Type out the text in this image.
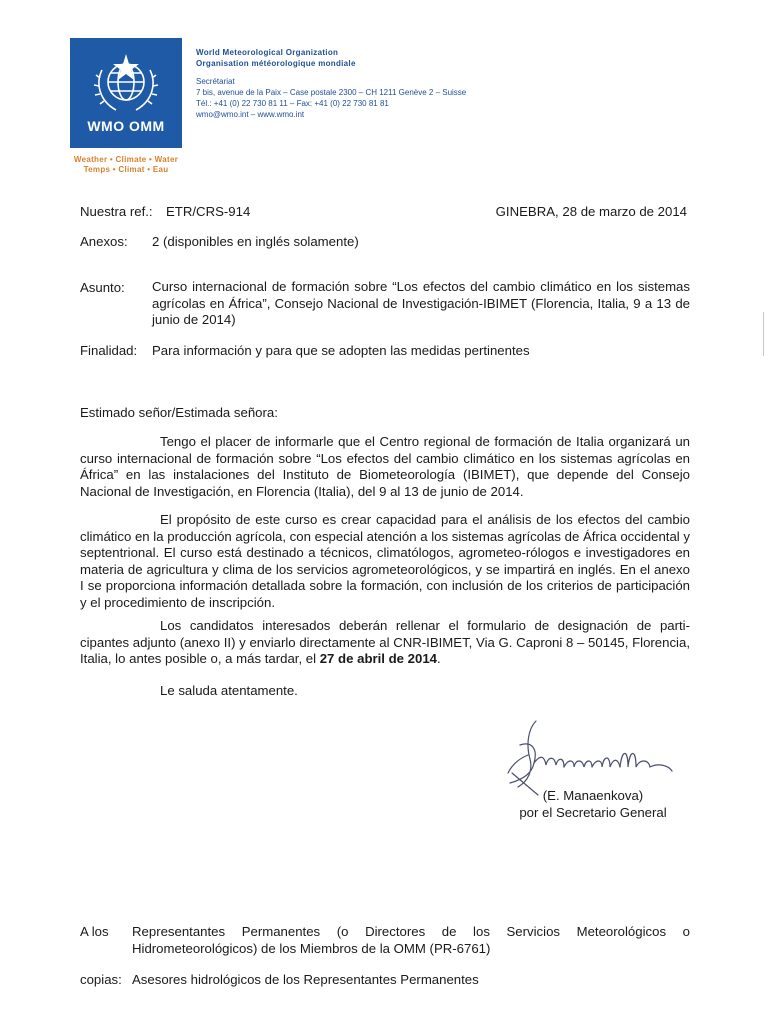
WMO OMM
Weather • Climate • Water
Temps • Climat • Eau
World Meteorological Organization
Organisation météorologique mondiale
Secrétariat
7 bis, avenue de la Paix – Case postale 2300 – CH 1211 Genève 2 – Suisse
Tél.: +41 (0) 22 730 81 11 – Fax: +41 (0) 22 730 81 81
wmo@wmo.int – www.wmo.int
Nuestra ref.: ETR/CRS-914	GINEBRA, 28 de marzo de 2014
Anexos: 2 (disponibles en inglés solamente)
Asunto: Curso internacional de formación sobre “Los efectos del cambio climático en los sistemas agrícolas en África”, Consejo Nacional de Investigación-IBIMET (Florencia, Italia, 9 a 13 de junio de 2014)

Finalidad: Para información y para que se adopten las medidas pertinentes
Estimado señor/Estimada señora:

Tengo el placer de informarle que el Centro regional de formación de Italia organizará un curso internacional de formación sobre “Los efectos del cambio climático en los sistemas agrícolas en África” en las instalaciones del Instituto de Biometeorología (IBIMET), que depende del Consejo Nacional de Investigación, en Florencia (Italia), del 9 al 13 de junio de 2014.

El propósito de este curso es crear capacidad para el análisis de los efectos del cambio climático en la producción agrícola, con especial atención a los sistemas agrícolas de África occidental y septentrional. El curso está destinado a técnicos, climatólogos, agrometeo-rólogos e investigadores en materia de agricultura y clima de los servicios agrometeorológicos, y se impartirá en inglés. En el anexo I se proporciona información detallada sobre la formación, con inclusión de los criterios de participación y el procedimiento de inscripción.

Los candidatos interesados deberán rellenar el formulario de designación de parti-cipantes adjunto (anexo II) y enviarlo directamente al CNR-IBIMET, Via G. Caproni 8 – 50145, Florencia, Italia, lo antes posible o, a más tardar, el 27 de abril de 2014.

Le saluda atentamente.
(E. Manaenkova)
por el Secretario General
A los Representantes Permanentes (o Directores de los Servicios Meteorológicos o Hidrometeorológicos) de los Miembros de la OMM (PR-6761)

copias: Asesores hidrológicos de los Representantes Permanentes
